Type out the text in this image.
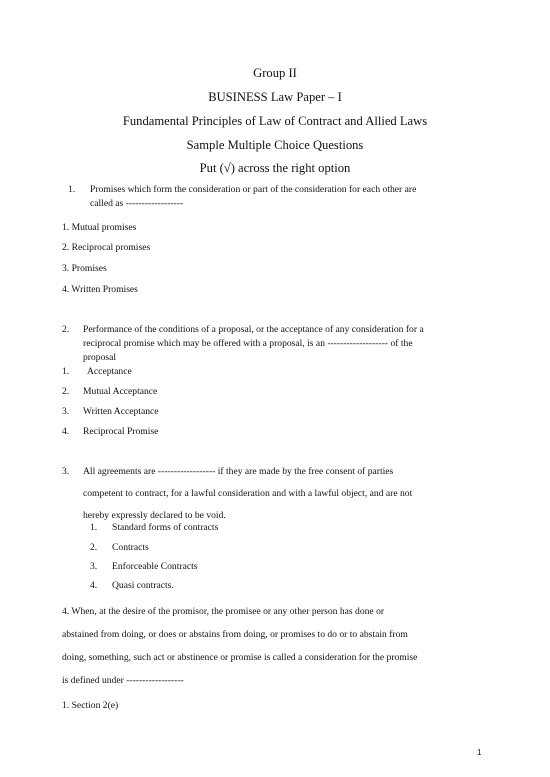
Group II
BUSINESS Law Paper – I
Fundamental Principles of Law of Contract and Allied Laws
Sample Multiple Choice Questions
Put (√) across the right option
1. Promises which form the consideration or part of the consideration for each other are
called as ------------------
1. Mutual promises
2. Reciprocal promises
3. Promises
4. Written Promises
2. Performance of the conditions of a proposal, or the acceptance of any consideration for a
reciprocal promise which may be offered with a proposal, is an ------------------- of the
proposal
1. Acceptance
2. Mutual Acceptance
3. Written Acceptance
4. Reciprocal Promise
3. All agreements are ------------------ if they are made by the free consent of parties
competent to contract, for a lawful consideration and with a lawful object, and are not
hereby expressly declared to be void.
1. Standard forms of contracts
2. Contracts
3. Enforceable Contracts
4. Quasi contracts.
4. When, at the desire of the promisor, the promisee or any other person has done or
abstained from doing, or does or abstains from doing, or promises to do or to abstain from
doing, something, such act or abstinence or promise is called a consideration for the promise
is defined under ------------------
1. Section 2(e)
1
